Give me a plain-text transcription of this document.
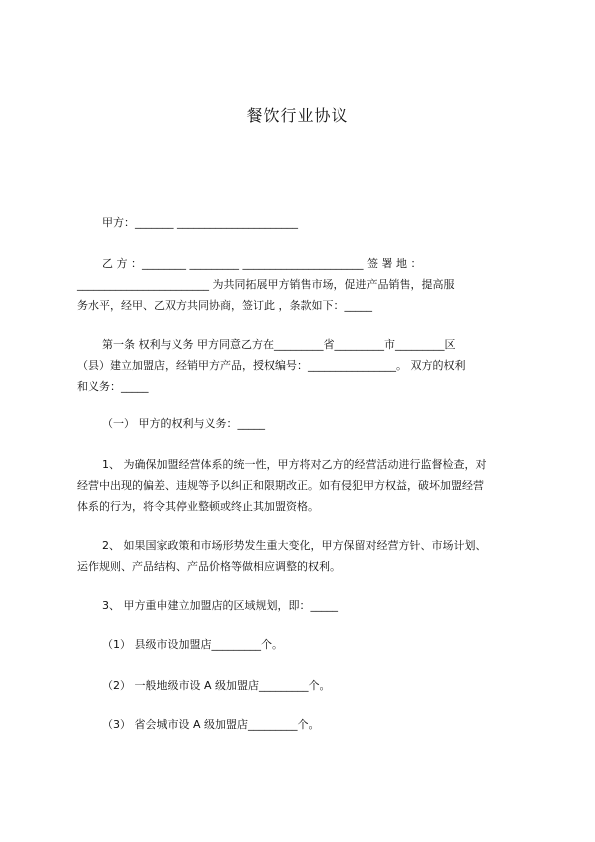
餐饮行业协议
甲方：_______ ______________________
乙 方 ：________ _________ ______________________ 签 署 地 ：
________________________ 为共同拓展甲方销售市场，促进产品销售，提高服
务水平，经甲、乙双方共同协商，签订此 ，条款如下：_____
第一条 权利与义务 甲方同意乙方在_________省_________市_________区
（县）建立加盟店，经销甲方产品，授权编号：________________。 双方的权利
和义务：_____
（一） 甲方的权利与义务：_____
1、 为确保加盟经营体系的统一性，甲方将对乙方的经营活动进行监督检查，对
经营中出现的偏差、违规等予以纠正和限期改正。如有侵犯甲方权益，破坏加盟经营
体系的行为，将令其停业整顿或终止其加盟资格。
2、 如果国家政策和市场形势发生重大变化，甲方保留对经营方针、市场计划、
运作规则、产品结构、产品价格等做相应调整的权利。
3、 甲方重申建立加盟店的区域规划，即：_____
（1） 县级市设加盟店_________个。
（2） 一般地级市设 A 级加盟店_________个。
（3） 省会城市设 A 级加盟店_________个。
